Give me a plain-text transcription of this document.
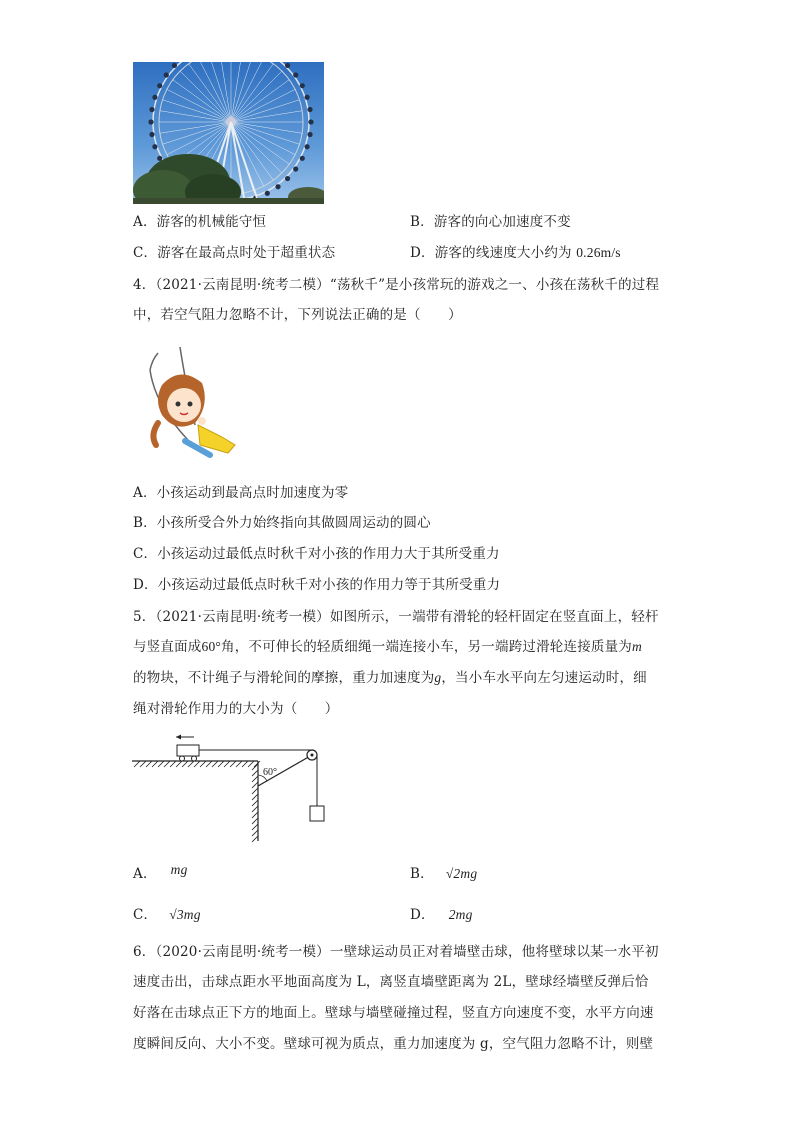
A．游客的机械能守恒	B．游客的向心加速度不变
C．游客在最高点时处于超重状态	D．游客的线速度大小约为 0.26m/s
4．（2021·云南昆明·统考二模）“荡秋千”是小孩常玩的游戏之一、小孩在荡秋千的过程
中，若空气阻力忽略不计，下列说法正确的是（　　）
A．小孩运动到最高点时加速度为零
B．小孩所受合外力始终指向其做圆周运动的圆心
C．小孩运动过最低点时秋千对小孩的作用力大于其所受重力
D．小孩运动过最低点时秋千对小孩的作用力等于其所受重力
5．（2021·云南昆明·统考一模）如图所示，一端带有滑轮的轻杆固定在竖直面上，轻杆
与竖直面成60°角，不可伸长的轻质细绳一端连接小车，另一端跨过滑轮连接质量为m
的物块，不计绳子与滑轮间的摩擦，重力加速度为g，当小车水平向左匀速运动时，细
绳对滑轮作用力的大小为（　　）
60°
A． mg	B． √2mg
C． √3mg	D． 2mg
6．（2020·云南昆明·统考一模）一壁球运动员正对着墙壁击球，他将壁球以某一水平初
速度击出，击球点距水平地面高度为 L，离竖直墙壁距离为 2L，壁球经墙壁反弹后恰
好落在击球点正下方的地面上。壁球与墙壁碰撞过程，竖直方向速度不变，水平方向速
度瞬间反向、大小不变。壁球可视为质点，重力加速度为 g，空气阻力忽略不计，则壁
